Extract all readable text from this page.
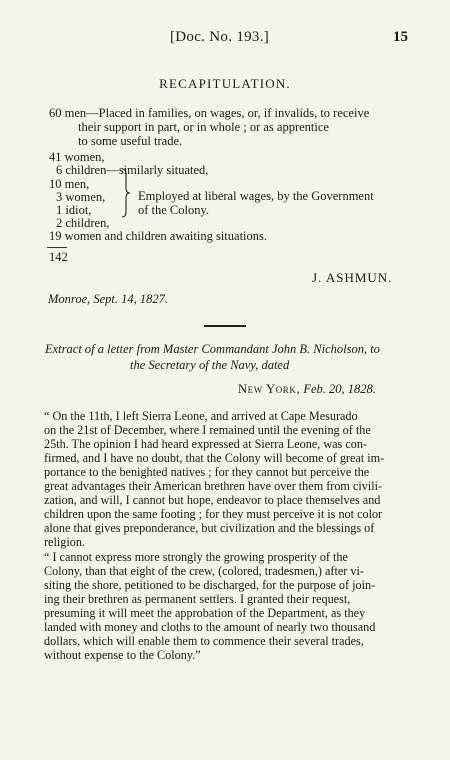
[Doc. No. 193.]	15
RECAPITULATION.
60 men—Placed in families, on wages, or, if invalids, to receive
their support in part, or in whole ; or as apprentice
to some useful trade.
41 women,
6 children—similarly situated,
10 men,
3 women,	Employed at liberal wages, by the Government
1 idiot,	of the Colony.
2 children,
19 women and children awaiting situations.
142
J. ASHMUN.
Monroe, Sept. 14, 1827.
Extract of a letter from Master Commandant John B. Nicholson, to
the Secretary of the Navy, dated
New York, Feb. 20, 1828.
“ On the 11th, I left Sierra Leone, and arrived at Cape Mesurado
on the 21st of December, where I remained until the evening of the
25th. The opinion I had heard expressed at Sierra Leone, was con-
firmed, and I have no doubt, that the Colony will become of great im-
portance to the benighted natives ; for they cannot but perceive the
great advantages their American brethren have over them from civili-
zation, and will, I cannot but hope, endeavor to place themselves and
children upon the same footing ; for they must perceive it is not color
alone that gives preponderance, but civilization and the blessings of
religion.
“ I cannot express more strongly the growing prosperity of the
Colony, than that eight of the crew, (colored, tradesmen,) after vi-
siting the shore, petitioned to be discharged, for the purpose of join-
ing their brethren as permanent settlers. I granted their request,
presuming it will meet the approbation of the Department, as they
landed with money and cloths to the amount of nearly two thousand
dollars, which will enable them to commence their several trades,
without expense to the Colony.”
